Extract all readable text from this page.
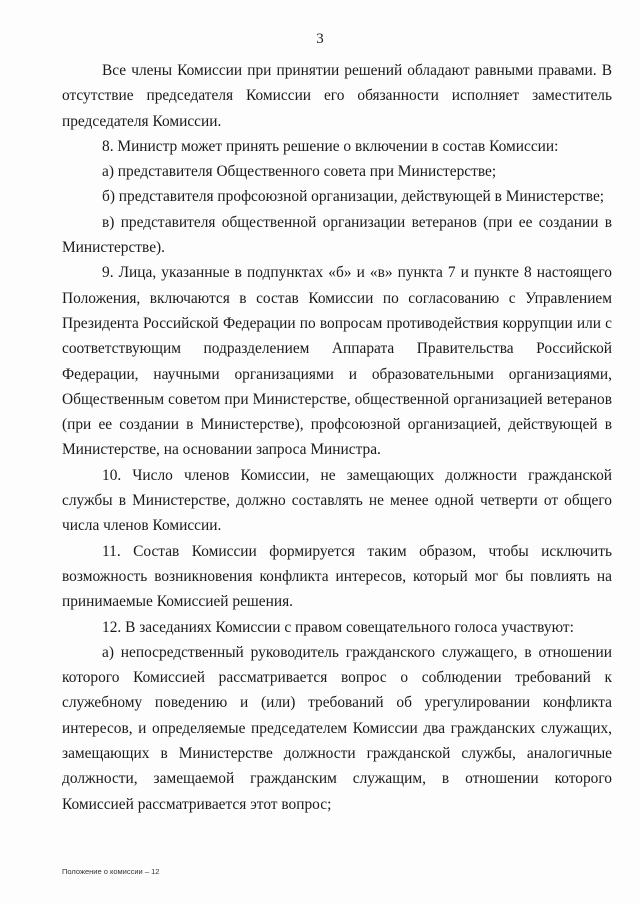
3

Все члены Комиссии при принятии решений обладают равными правами. В отсутствие председателя Комиссии его обязанности исполняет заместитель председателя Комиссии.

8. Министр может принять решение о включении в состав Комиссии:

а) представителя Общественного совета при Министерстве;

б) представителя профсоюзной организации, действующей в Министерстве;

в) представителя общественной организации ветеранов (при ее создании в Министерстве).

9. Лица, указанные в подпунктах «б» и «в» пункта 7 и пункте 8 настоящего Положения, включаются в состав Комиссии по согласованию с Управлением Президента Российской Федерации по вопросам противодействия коррупции или с соответствующим подразделением Аппарата Правительства Российской Федерации, научными организациями и образовательными организациями, Общественным советом при Министерстве, общественной организацией ветеранов (при ее создании в Министерстве), профсоюзной организацией, действующей в Министерстве, на основании запроса Министра.

10. Число членов Комиссии, не замещающих должности гражданской службы в Министерстве, должно составлять не менее одной четверти от общего числа членов Комиссии.

11. Состав Комиссии формируется таким образом, чтобы исключить возможность возникновения конфликта интересов, который мог бы повлиять на принимаемые Комиссией решения.

12. В заседаниях Комиссии с правом совещательного голоса участвуют:

а) непосредственный руководитель гражданского служащего, в отношении которого Комиссией рассматривается вопрос о соблюдении требований к служебному поведению и (или) требований об урегулировании конфликта интересов, и определяемые председателем Комиссии два гражданских служащих, замещающих в Министерстве должности гражданской службы, аналогичные должности, замещаемой гражданским служащим, в отношении которого Комиссией рассматривается этот вопрос;

Положение о комиссии – 12
